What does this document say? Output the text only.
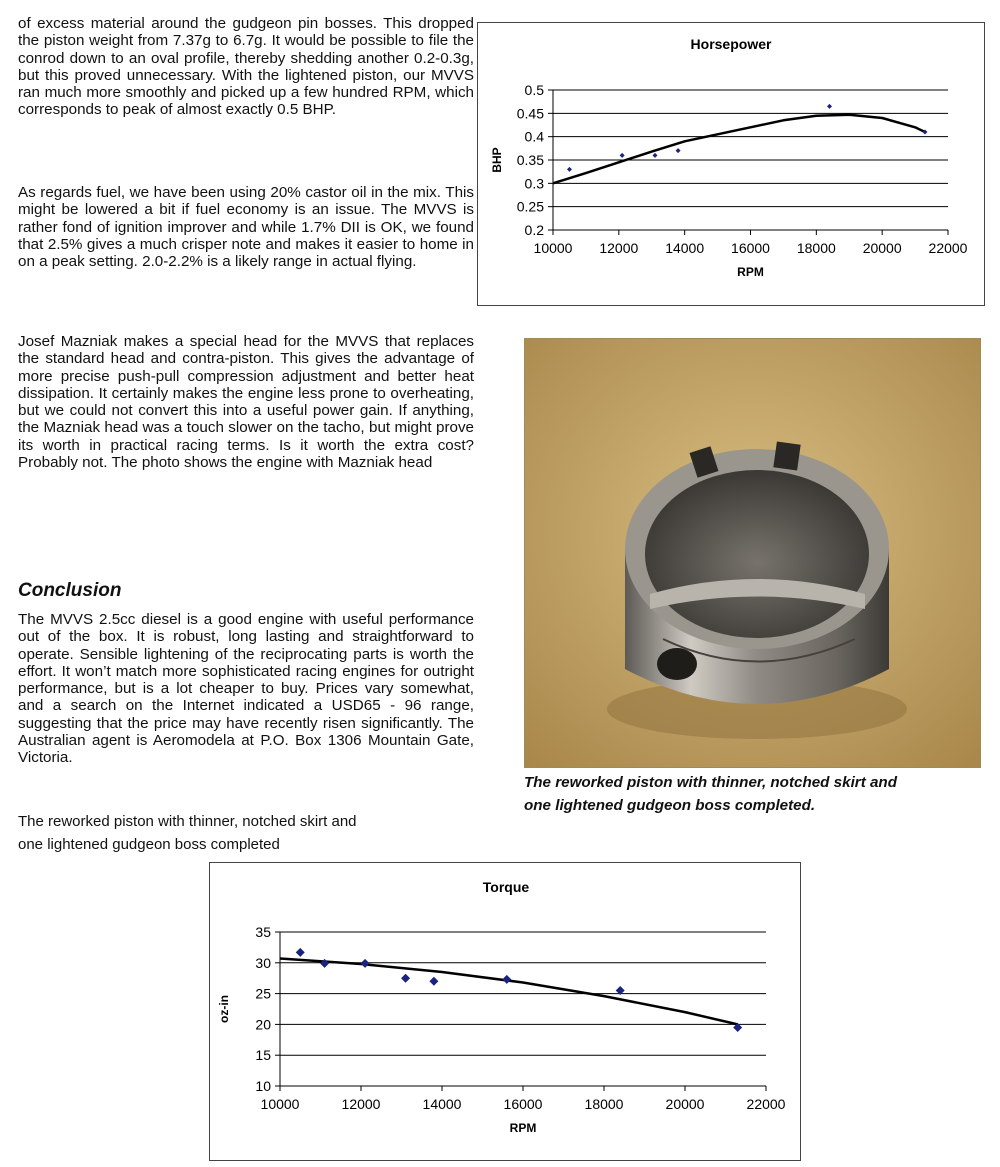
of excess material around the gudgeon pin bosses. This dropped the piston weight from 7.37g to 6.7g. It would be possible to file the conrod down to an oval profile, thereby shedding another 0.2-0.3g, but this proved unnecessary. With the lightened piston, our MVVS ran much more smoothly and picked up a few hundred RPM, which corresponds to peak of almost exactly 0.5 BHP.

As regards fuel, we have been using 20% castor oil in the mix. This might be lowered a bit if fuel economy is an issue. The MVVS is rather fond of ignition improver and while 1.7% DII is OK, we found that 2.5% gives a much crisper note and makes it easier to home in on a peak setting. 2.0-2.2% is a likely range in actual flying.

Josef Mazniak makes a special head for the MVVS that replaces the standard head and contra-piston. This gives the advantage of more precise push-pull compression adjustment and better heat dissipation. It certainly makes the engine less prone to overheating, but we could not convert this into a useful power gain. If anything, the Mazniak head was a touch slower on the tacho, but might prove its worth in practical racing terms. Is it worth the extra cost? Probably not. The photo shows the engine with Mazniak head

Conclusion

The MVVS 2.5cc diesel is a good engine with useful performance out of the box. It is robust, long lasting and straightforward to operate. Sensible lightening of the reciprocating parts is worth the effort. It won’t match more sophisticated racing engines for outright performance, but is a lot cheaper to buy. Prices vary somewhat, and a search on the Internet indicated a USD65 - 96 range, suggesting that the price may have recently risen significantly. The Australian agent is Aeromodela at P.O. Box 1306 Mountain Gate, Victoria.

The reworked piston with thinner, notched skirt and

one lightened gudgeon boss completed

Horsepower
0.2
0.25
0.3
0.35
0.4
0.45
0.5
10000 12000 14000 16000 18000 20000 22000
RPM
BHP

The reworked piston with thinner, notched skirt and

one lightened gudgeon boss completed.

Torque
10
15
20
25
30
35
10000	12000	14000	16000	18000	20000	22000
RPM
oz-in
